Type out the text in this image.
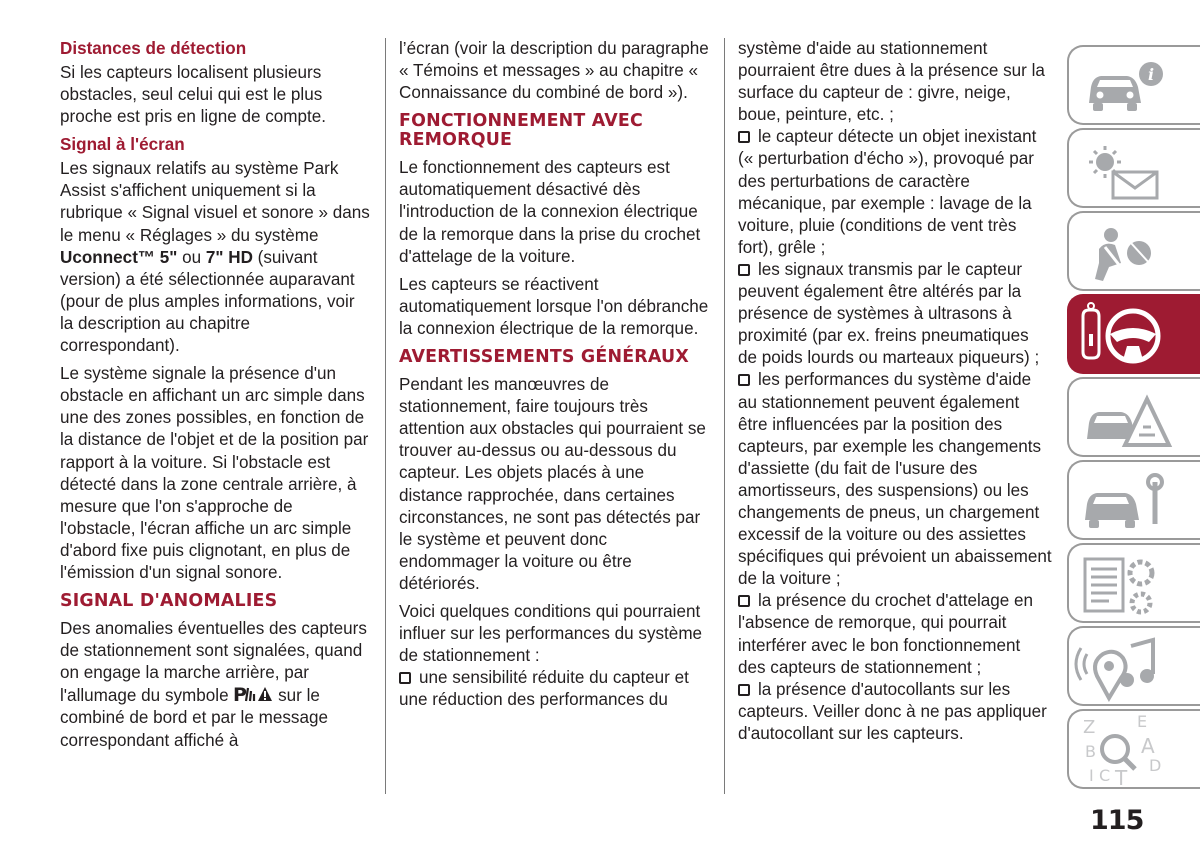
Distances de détection

Si les capteurs localisent plusieurs obstacles, seul celui qui est le plus proche est pris en ligne de compte.

Signal à l'écran

Les signaux relatifs au système Park Assist s'affichent uniquement si la rubrique « Signal visuel et sonore » dans le menu « Réglages » du système Uconnect™ 5" ou 7" HD (suivant version) a été sélectionnée auparavant (pour de plus amples informations, voir la description au chapitre correspondant).

Le système signale la présence d'un obstacle en affichant un arc simple dans une des zones possibles, en fonction de la distance de l'objet et de la position par rapport à la voiture. Si l'obstacle est détecté dans la zone centrale arrière, à mesure que l'on s'approche de l'obstacle, l'écran affiche un arc simple d'abord fixe puis clignotant, en plus de l'émission d'un signal sonore.

SIGNAL D'ANOMALIES

Des anomalies éventuelles des capteurs de stationnement sont signalées, quand on engage la marche arrière, par l'allumage du symbole P sur le combiné de bord et par le message correspondant affiché à

l’écran (voir la description du paragraphe « Témoins et messages » au chapitre « Connaissance du combiné de bord »).

FONCTIONNEMENT AVEC REMORQUE

Le fonctionnement des capteurs est automatiquement désactivé dès l'introduction de la connexion électrique de la remorque dans la prise du crochet d'attelage de la voiture.

Les capteurs se réactivent automatiquement lorsque l'on débranche la connexion électrique de la remorque.

AVERTISSEMENTS GÉNÉRAUX

Pendant les manœuvres de stationnement, faire toujours très attention aux obstacles qui pourraient se trouver au-dessus ou au-dessous du capteur. Les objets placés à une distance rapprochée, dans certaines circonstances, ne sont pas détectés par le système et peuvent donc endommager la voiture ou être détériorés.

Voici quelques conditions qui pourraient influer sur les performances du système de stationnement :

une sensibilité réduite du capteur et une réduction des performances du

système d'aide au stationnement pourraient être dues à la présence sur la surface du capteur de : givre, neige, boue, peinture, etc. ;

le capteur détecte un objet inexistant (« perturbation d'écho »), provoqué par des perturbations de caractère mécanique, par exemple : lavage de la voiture, pluie (conditions de vent très fort), grêle ;

les signaux transmis par le capteur peuvent également être altérés par la présence de systèmes à ultrasons à proximité (par ex. freins pneumatiques de poids lourds ou marteaux piqueurs) ;

les performances du système d'aide au stationnement peuvent également être influencées par la position des capteurs, par exemple les changements d'assiette (du fait de l'usure des amortisseurs, des suspensions) ou les changements de pneus, un chargement excessif de la voiture ou des assiettes spécifiques qui prévoient un abaissement de la voiture ;

la présence du crochet d'attelage en l'absence de remorque, qui pourrait interférer avec le bon fonctionnement des capteurs de stationnement ;

la présence d'autocollants sur les capteurs. Veiller donc à ne pas appliquer d'autocollant sur les capteurs.

i
Z	E
B A
I C T
D
115
